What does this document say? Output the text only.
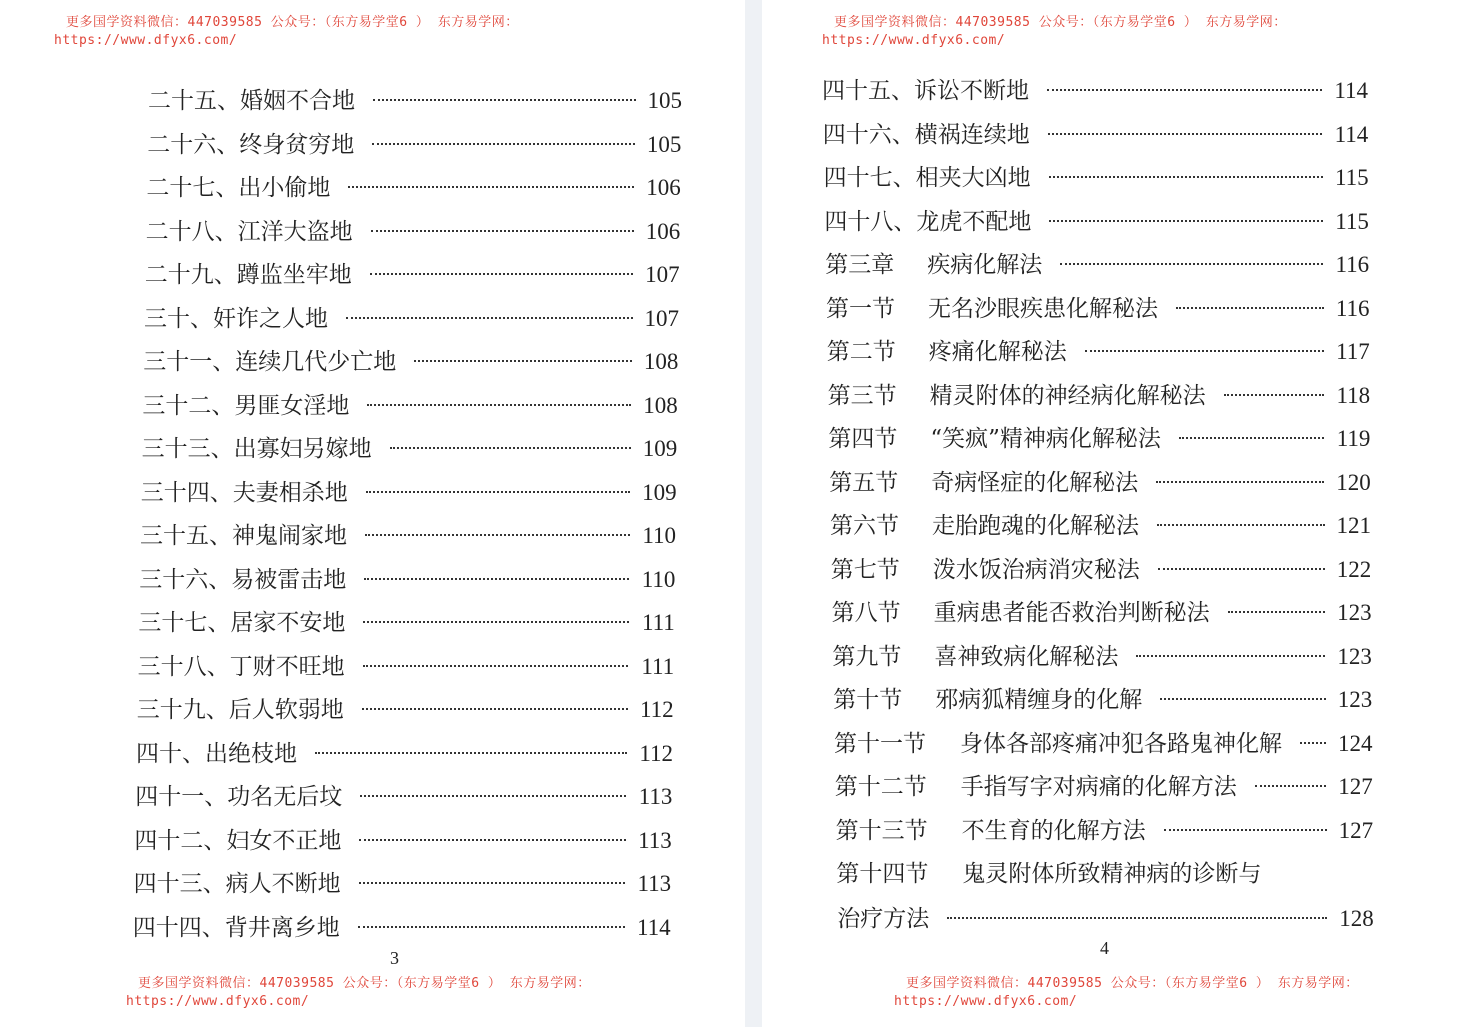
更多国学资料微信：447039585 公众号：（东方易学堂6 ） 东方易学网：
https://www.dfyx6.com/
二十五、婚姻不合地	105
二十六、终身贫穷地	105
二十七、出小偷地	106
二十八、江洋大盗地	106
二十九、蹲监坐牢地	107
三十、奸诈之人地	107
三十一、连续几代少亡地	108
三十二、男匪女淫地	108
三十三、出寡妇另嫁地	109
三十四、夫妻相杀地	109
三十五、神鬼闹家地	110
三十六、易被雷击地	110
三十七、居家不安地	111
三十八、丁财不旺地	111
三十九、后人软弱地	112
四十、出绝枝地	112
四十一、功名无后坟	113
四十二、妇女不正地	113
四十三、病人不断地	113
四十四、背井离乡地	114
3
更多国学资料微信：447039585 公众号：（东方易学堂6 ） 东方易学网：
https://www.dfyx6.com/
更多国学资料微信：447039585 公众号：（东方易学堂6 ） 东方易学网：
https://www.dfyx6.com/
四十五、诉讼不断地	114
四十六、横祸连续地	114
四十七、相夹大凶地	115
四十八、龙虎不配地	115
第三章	疾病化解法	116
第一节	无名沙眼疾患化解秘法	116
第二节	疼痛化解秘法	117
第三节	精灵附体的神经病化解秘法	118
第四节	“笑疯”精神病化解秘法	119
第五节	奇病怪症的化解秘法	120
第六节	走胎跑魂的化解秘法	121
第七节	泼水饭治病消灾秘法	122
第八节	重病患者能否救治判断秘法	123
第九节	喜神致病化解秘法	123
第十节	邪病狐精缠身的化解	123
第十一节	身体各部疼痛冲犯各路鬼神化解 124
第十二节	手指写字对病痛的化解方法	127
第十三节	不生育的化解方法	127
第十四节	鬼灵附体所致精神病的诊断与
治疗方法	128
4
更多国学资料微信：447039585 公众号：（东方易学堂6 ） 东方易学网：
https://www.dfyx6.com/
